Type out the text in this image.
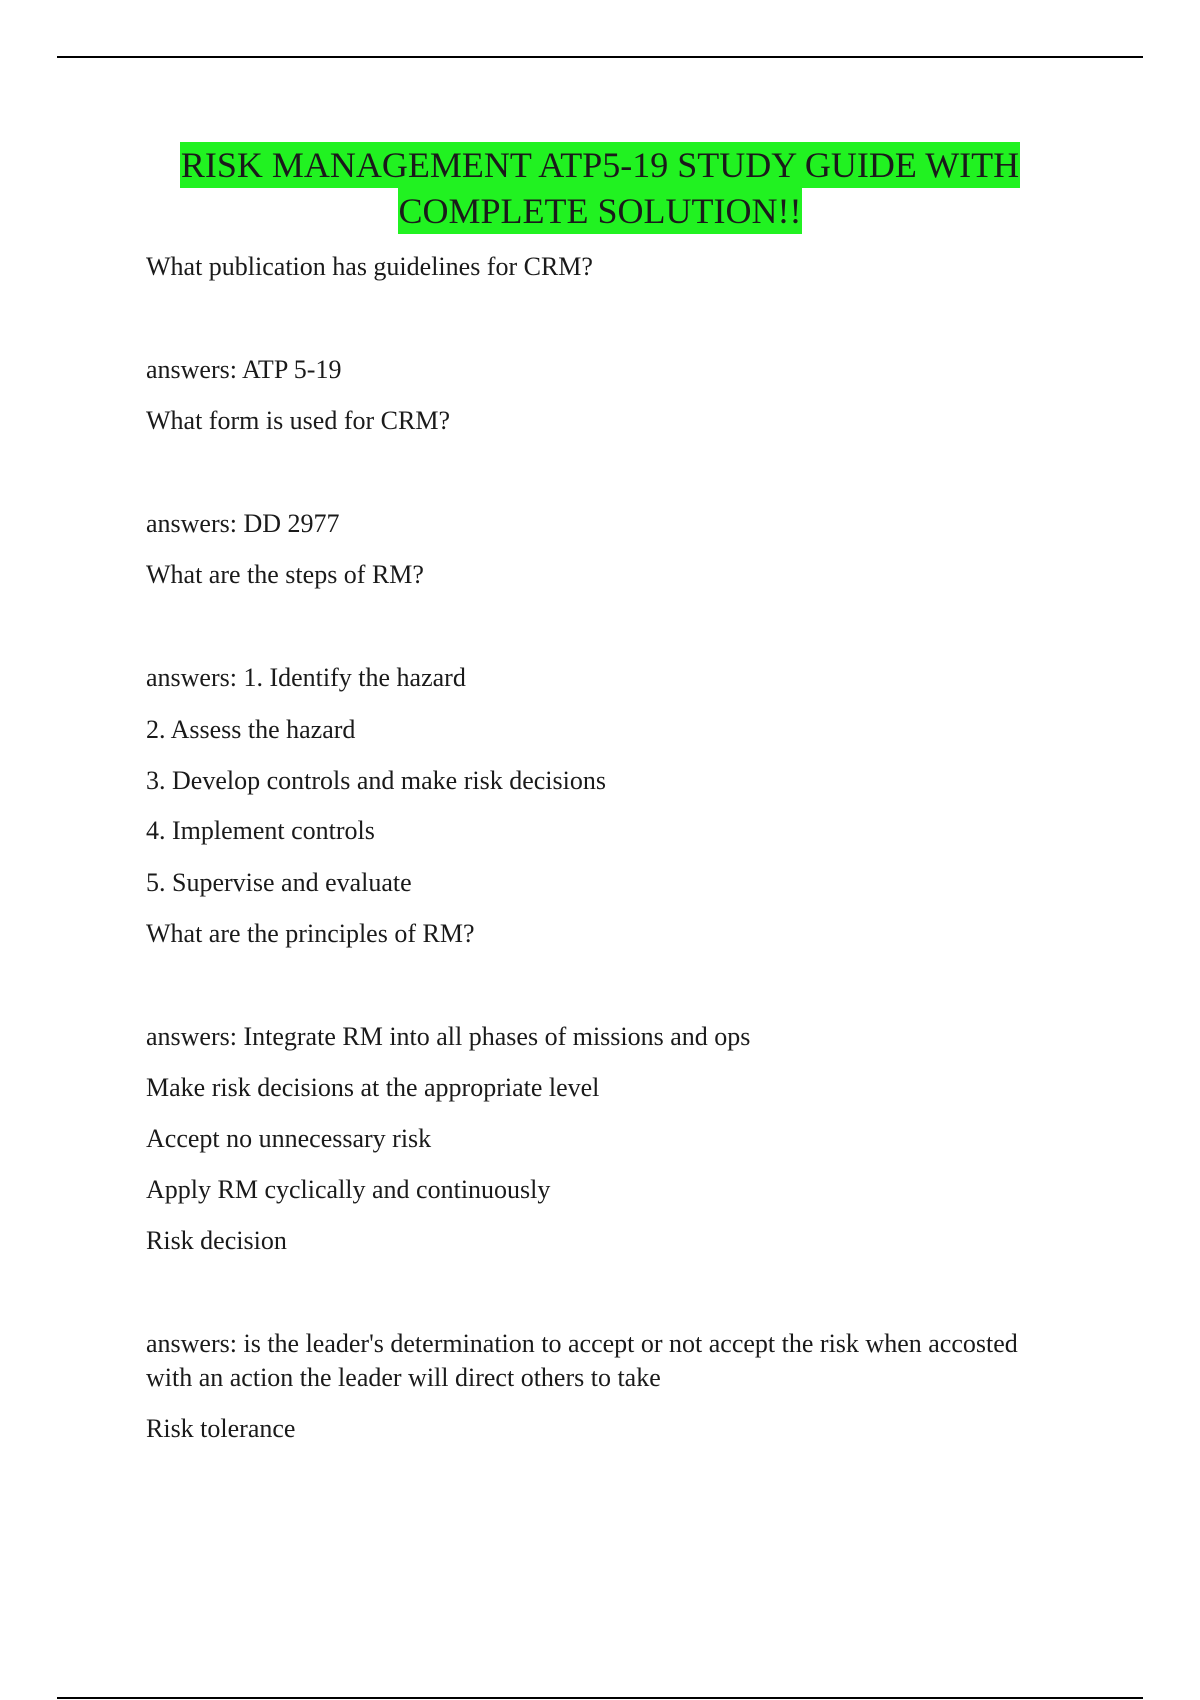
RISK MANAGEMENT ATP5-19 STUDY GUIDE WITH
COMPLETE SOLUTION!!
What publication has guidelines for CRM?
answers: ATP 5-19
What form is used for CRM?
answers: DD 2977
What are the steps of RM?
answers: 1. Identify the hazard
2. Assess the hazard
3. Develop controls and make risk decisions
4. Implement controls
5. Supervise and evaluate
What are the principles of RM?
answers: Integrate RM into all phases of missions and ops
Make risk decisions at the appropriate level
Accept no unnecessary risk
Apply RM cyclically and continuously
Risk decision
answers: is the leader's determination to accept or not accept the risk when accosted with an action the leader will direct others to take
Risk tolerance
